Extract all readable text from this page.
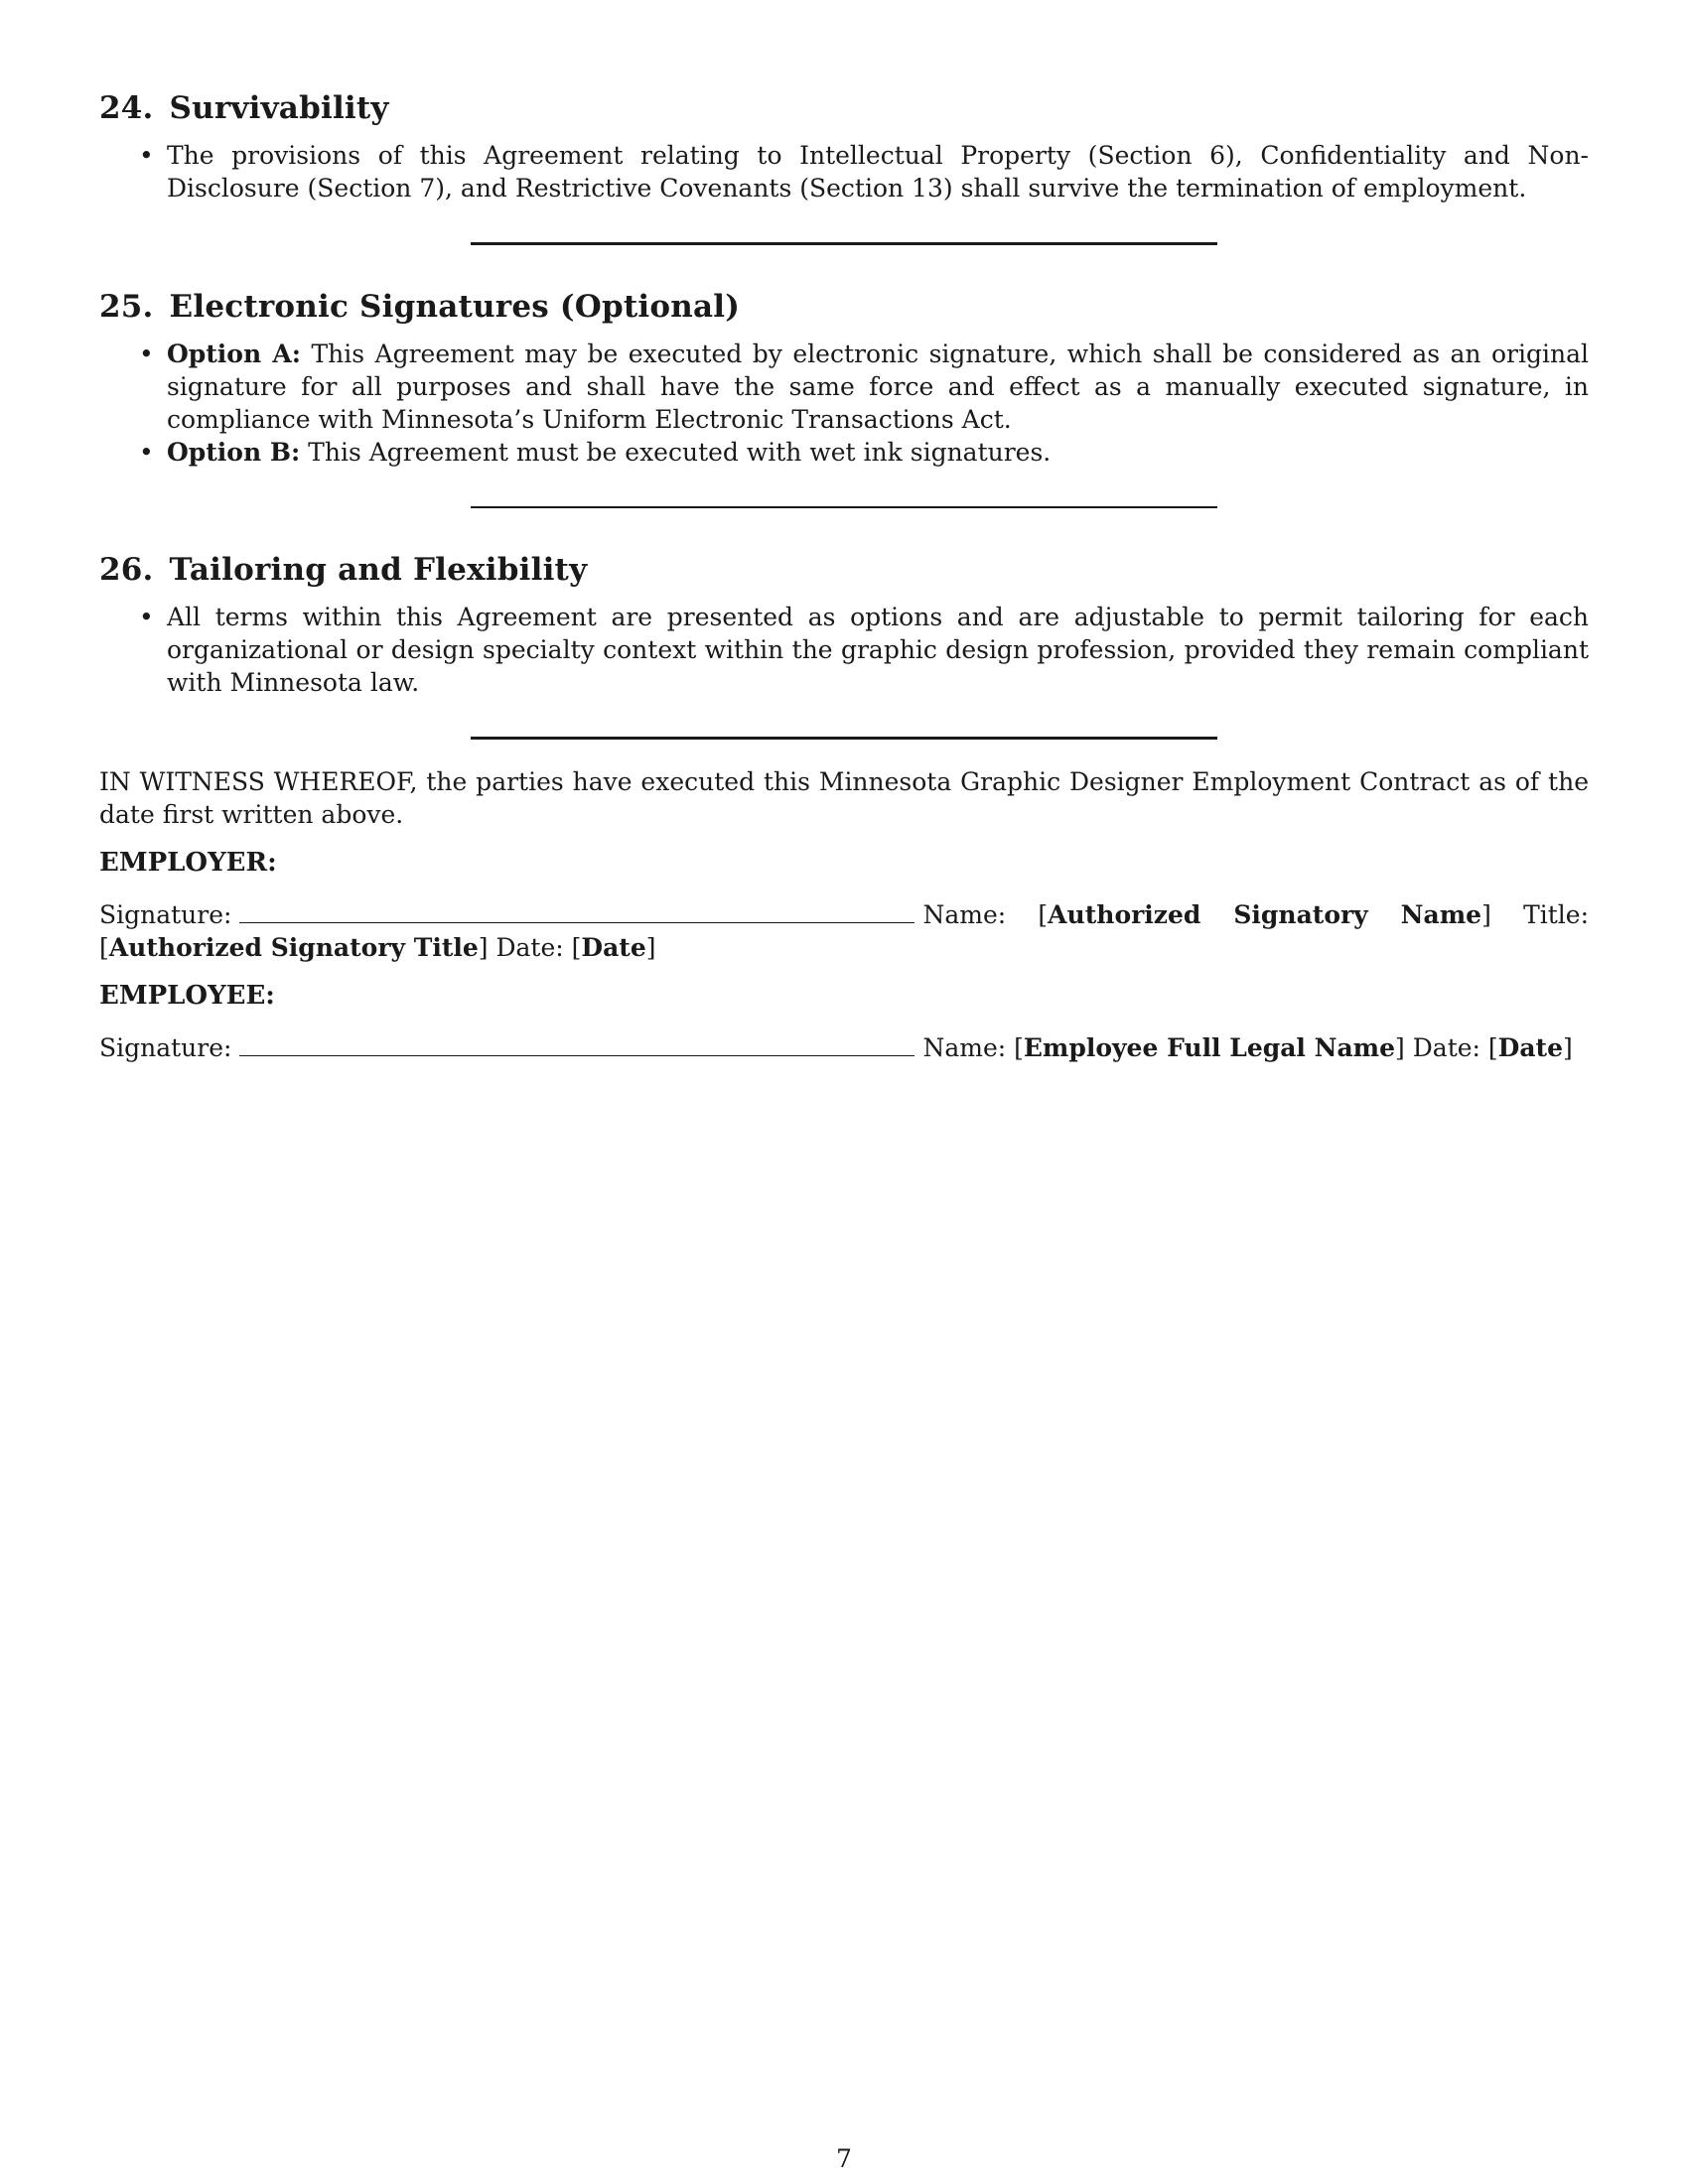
24. Survivability
• The provisions of this Agreement relating to Intellectual Property (Section 6), Confidentiality and Non-Disclosure (Section 7), and Restrictive Covenants (Section 13) shall survive the termination of employment.
25. Electronic Signatures (Optional)
• Option A: This Agreement may be executed by electronic signature, which shall be considered as an original signature for all purposes and shall have the same force and effect as a manually executed signature, in compliance with Minnesota’s Uniform Electronic Transactions Act.
• Option B: This Agreement must be executed with wet ink signatures.
26. Tailoring and Flexibility
• All terms within this Agreement are presented as options and are adjustable to permit tailoring for each organizational or design specialty context within the graphic design profession, provided they remain compliant with Minnesota law.

IN WITNESS WHEREOF, the parties have executed this Minnesota Graphic Designer Employment Contract as of the date first written above.

EMPLOYER:

Signature:	Name: [Authorized Signatory Name] Title: [Authorized Signatory Title] Date: [Date]

EMPLOYEE:

Signature:	Name: [Employee Full Legal Name] Date: [Date]

7
